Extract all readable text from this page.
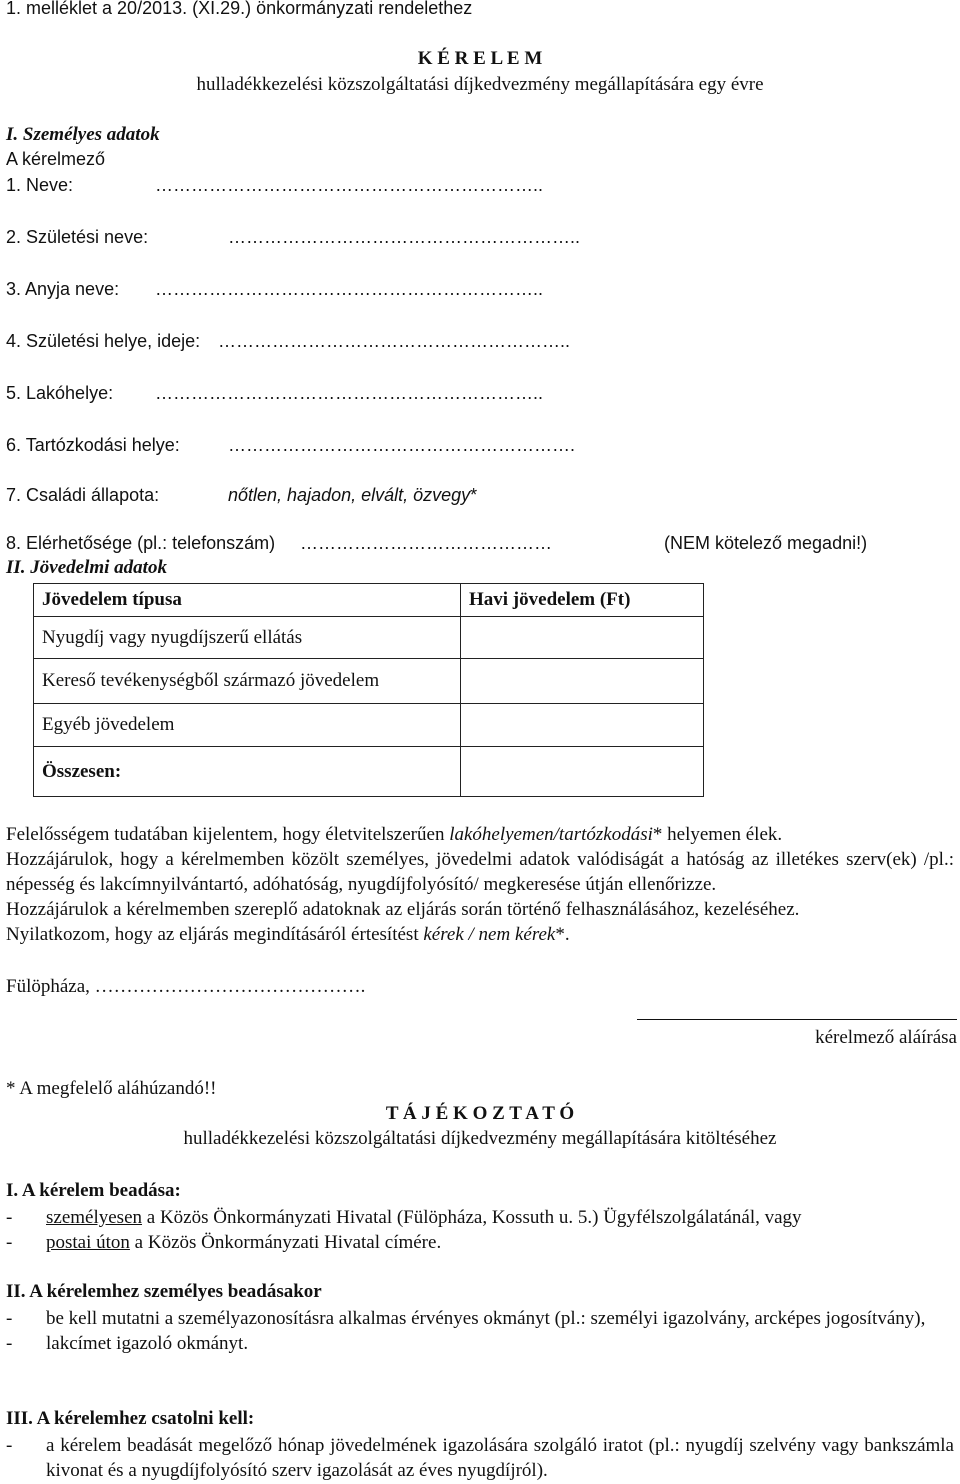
1. melléklet a 20/2013. (XI.29.) önkormányzati rendelethez
K É R E L E M
hulladékkezelési közszolgáltatási díjkedvezmény megállapítására egy évre
I. Személyes adatok
A kérelmező
1. Neve:	………………………………………………………..
2. Születési neve:	…………………………………………………..
3. Anyja neve: ………………………………………………………..
4. Születési helye, ideje: …………………………………………………..
5. Lakóhelye: ………………………………………………………..
6. Tartózkodási helye:	………………………………………………….
7. Családi állapota:	nőtlen, hajadon, elvált, özvegy*
8. Elérhetősége (pl.: telefonszám) ……………………………………	(NEM kötelező megadni!)
II. Jövedelmi adatok
Jövedelem típusa	Havi jövedelem (Ft)
Nyugdíj vagy nyugdíjszerű ellátás	
Kereső tevékenységből származó jövedelem	
Egyéb jövedelem	
Összesen:	
Felelősségem tudatában kijelentem, hogy életvitelszerűen lakóhelyemen/tartózkodási* helyemen élek.
Hozzájárulok, hogy a kérelmemben közölt személyes, jövedelmi adatok valódiságát a hatóság az illetékes szerv(ek) /pl.: népesség és lakcímnyilvántartó, adóhatóság, nyugdíjfolyósító/ megkeresése útján ellenőrizze.
Hozzájárulok a kérelmemben szereplő adatoknak az eljárás során történő felhasználásához, kezeléséhez.
Nyilatkozom, hogy az eljárás megindításáról értesítést kérek / nem kérek*.
Fülöpháza, …………………………………….
kérelmező aláírása
* A megfelelő aláhúzandó!!
T Á J É K O Z T A T Ó
hulladékkezelési közszolgáltatási díjkedvezmény megállapítására kitöltéséhez
I. A kérelem beadása:
- személyesen a Közös Önkormányzati Hivatal (Fülöpháza, Kossuth u. 5.) Ügyfélszolgálatánál, vagy
- postai úton a Közös Önkormányzati Hivatal címére.
II. A kérelemhez személyes beadásakor
- be kell mutatni a személyazonosításra alkalmas érvényes okmányt (pl.: személyi igazolvány, arcképes jogosítvány),
- lakcímet igazoló okmányt.
III. A kérelemhez csatolni kell:
- a kérelem beadását megelőző hónap jövedelmének igazolására szolgáló iratot (pl.: nyugdíj szelvény vagy bankszámla kivonat és a nyugdíjfolyósító szerv igazolását az éves nyugdíjról).
